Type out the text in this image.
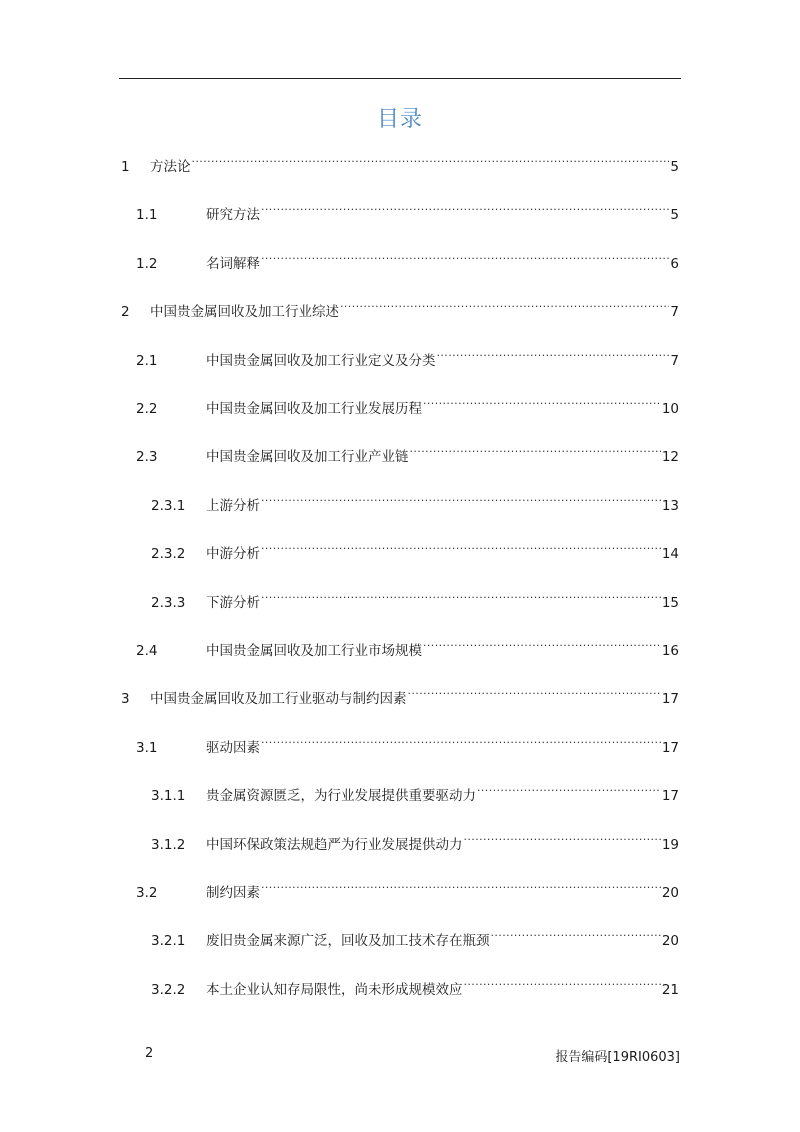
目录
1	方法论 .....	5
1.1	研究方法 .....	5
1.2	名词解释 .....	6
2	中国贵金属回收及加工行业综述 .....	7
2.1	中国贵金属回收及加工行业定义及分类 .....	7
2.2	中国贵金属回收及加工行业发展历程 .....	10
2.3	中国贵金属回收及加工行业产业链 .....	12
2.3.1	上游分析 .....	13
2.3.2	中游分析 .....	14
2.3.3	下游分析 .....	15
2.4	中国贵金属回收及加工行业市场规模 .....	16
3	中国贵金属回收及加工行业驱动与制约因素 .....	17
3.1	驱动因素 .....	17
3.1.1	贵金属资源匮乏，为行业发展提供重要驱动力 .....	17
3.1.2	中国环保政策法规趋严为行业发展提供动力 .....	19
3.2	制约因素 .....	20
3.2.1	废旧贵金属来源广泛，回收及加工技术存在瓶颈 .....	20
3.2.2	本土企业认知存局限性，尚未形成规模效应 .....	21
2	报告编码[19RI0603]
